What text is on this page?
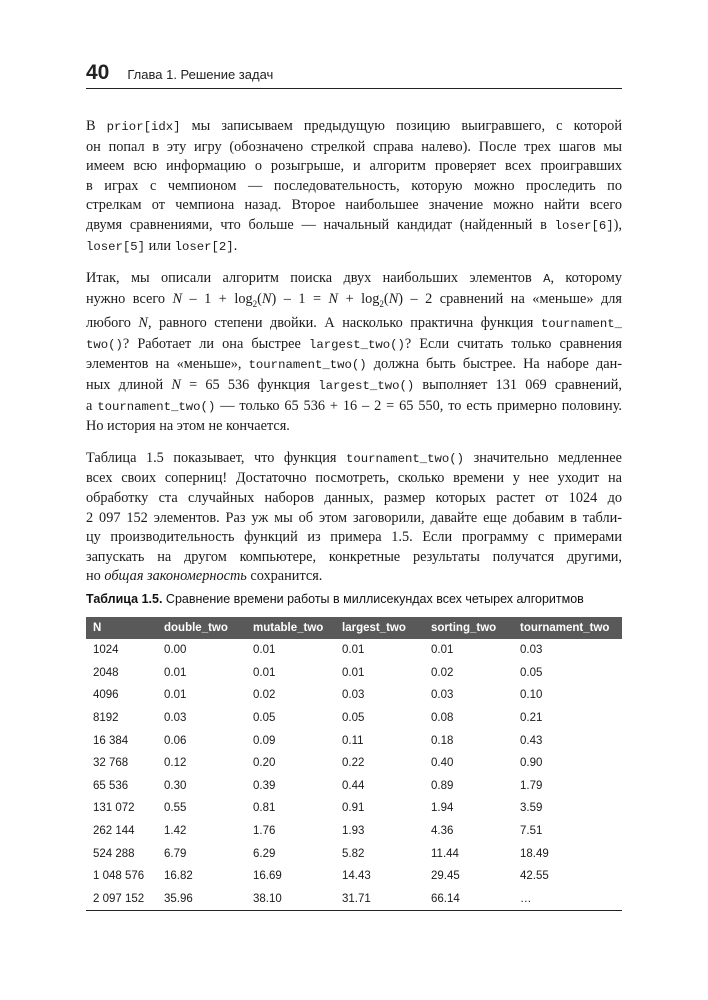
40 Глава 1. Решение задач

В prior[idx] мы записываем предыдущую позицию выигравшего, с которой
он попал в эту игру (обозначено стрелкой справа налево). После трех шагов мы
имеем всю информацию о розыгрыше, и алгоритм проверяет всех проигравших
в играх с чемпионом — последовательность, которую можно проследить по
стрелкам от чемпиона назад. Второе наибольшее значение можно найти всего
двумя сравнениями, что больше — начальный кандидат (найденный в loser[6]),
loser[5] или loser[2].

Итак, мы описали алгоритм поиска двух наибольших элементов A, которому
нужно всего $N - 1 + \log_2(N) - 1 = N + \log_2(N) - 2$ сравнений на «меньше» для
любого N, равного степени двойки. А насколько практична функция tournament_
two()? Работает ли она быстрее largest_two()? Если считать только сравнения
элементов на «меньше», tournament_two() должна быть быстрее. На наборе дан-
ных длиной N = 65 536 функция largest_two() выполняет 131 069 сравнений,
а tournament_two() — только 65 536 + 16 – 2 = 65 550, то есть примерно половину.
Но история на этом не кончается.

Таблица 1.5 показывает, что функция tournament_two() значительно медленнее
всех своих соперниц! Достаточно посмотреть, сколько времени у нее уходит на
обработку ста случайных наборов данных, размер которых растет от 1024 до
2 097 152 элементов. Раз уж мы об этом заговорили, давайте еще добавим в табли-
цу производительность функций из примера 1.5. Если программу с примерами
запускать на другом компьютере, конкретные результаты получатся другими,
но общая закономерность сохранится.

Таблица 1.5. Сравнение времени работы в миллисекундах всех четырех алгоритмов
N	double_two	mutable_two	largest_two	sorting_two	tournament_two
1024	0.00	0.01	0.01	0.01	0.03
2048	0.01	0.01	0.01	0.02	0.05
4096	0.01	0.02	0.03	0.03	0.10
8192	0.03	0.05	0.05	0.08	0.21
16 384	0.06	0.09	0.11	0.18	0.43
32 768	0.12	0.20	0.22	0.40	0.90
65 536	0.30	0.39	0.44	0.89	1.79
131 072	0.55	0.81	0.91	1.94	3.59
262 144	1.42	1.76	1.93	4.36	7.51
524 288	6.79	6.29	5.82	11.44	18.49
1 048 576	16.82	16.69	14.43	29.45	42.55
2 097 152	35.96	38.10	31.71	66.14	…
